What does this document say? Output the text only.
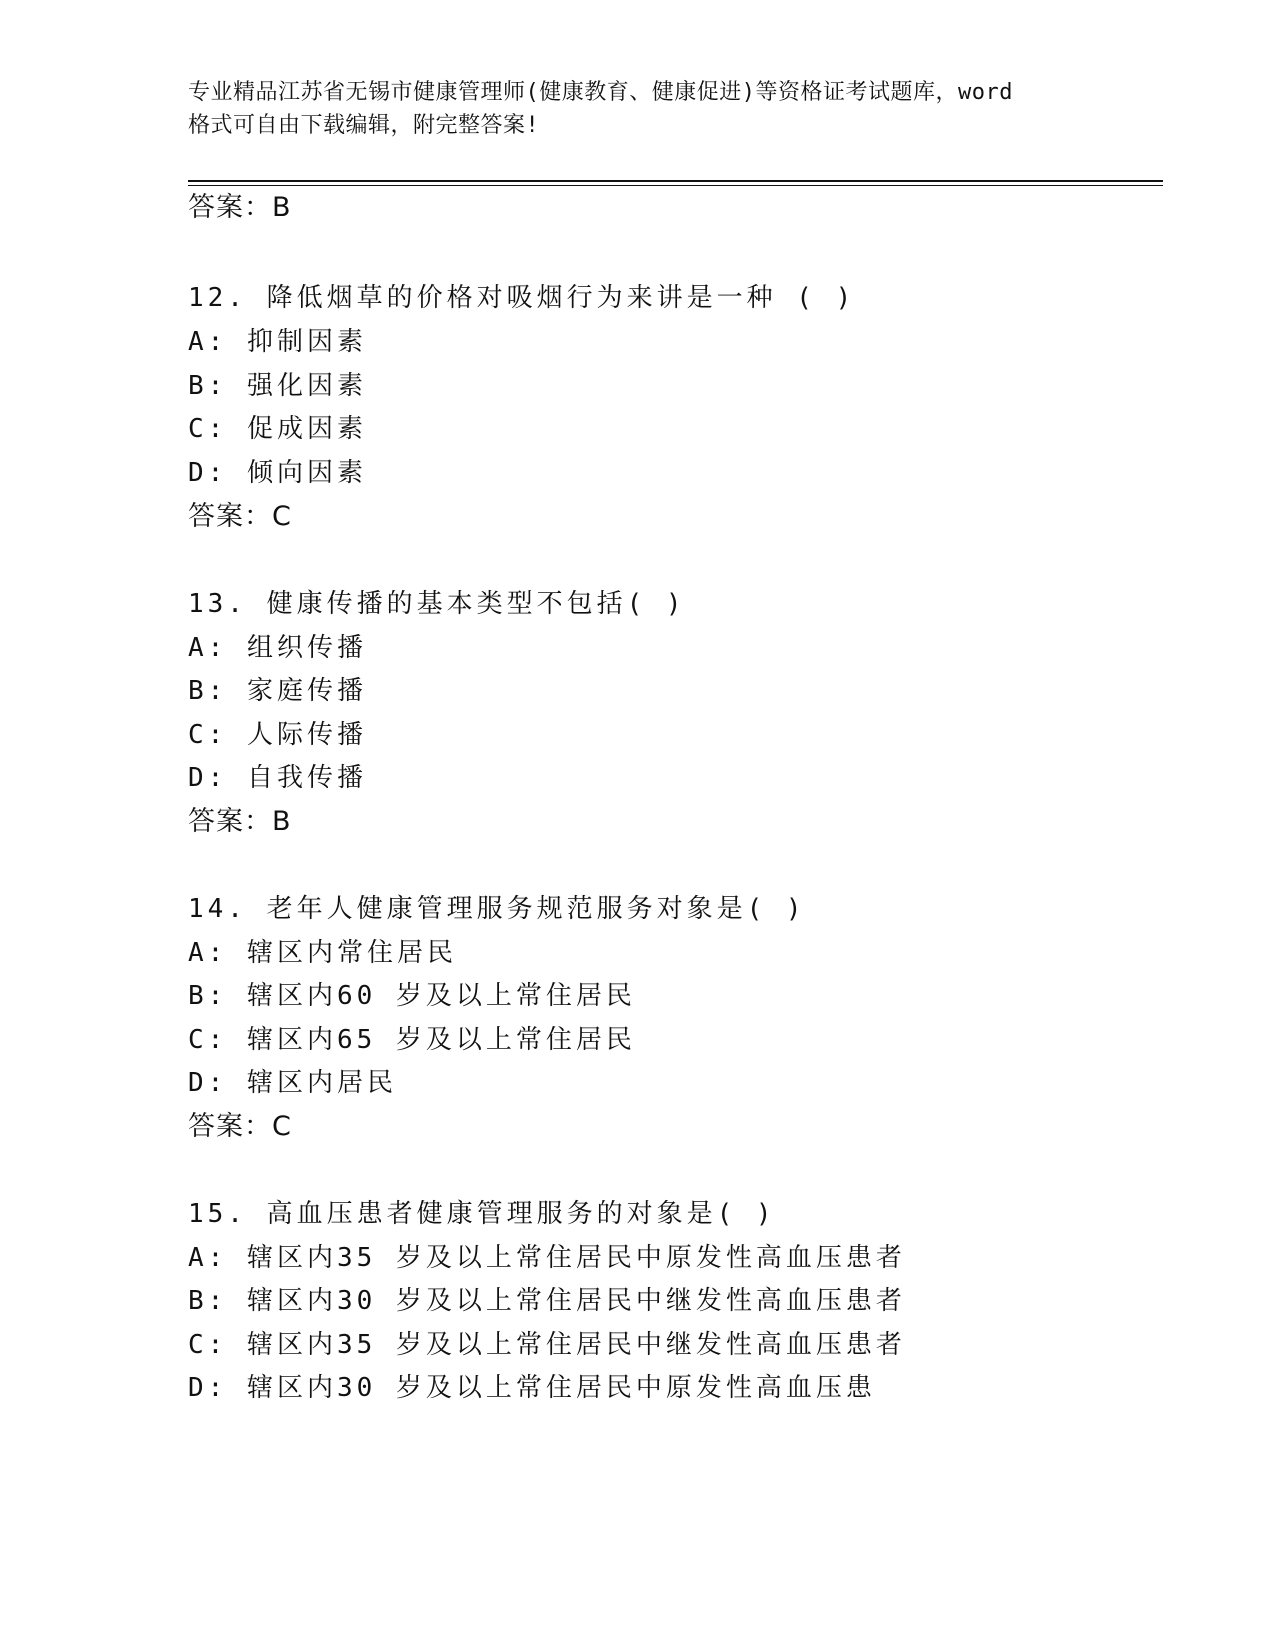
专业精品江苏省无锡市健康管理师(健康教育、健康促进)等资格证考试题库，word
格式可自由下载编辑，附完整答案!
答案：B
12. 降低烟草的价格对吸烟行为来讲是一种 ( )
A: 抑制因素
B: 强化因素
C: 促成因素
D: 倾向因素
答案：C
13. 健康传播的基本类型不包括( )
A: 组织传播
B: 家庭传播
C: 人际传播
D: 自我传播
答案：B
14. 老年人健康管理服务规范服务对象是( )
A: 辖区内常住居民
B: 辖区内60 岁及以上常住居民
C: 辖区内65 岁及以上常住居民
D: 辖区内居民
答案：C
15. 高血压患者健康管理服务的对象是( )
A: 辖区内35 岁及以上常住居民中原发性高血压患者
B: 辖区内30 岁及以上常住居民中继发性高血压患者
C: 辖区内35 岁及以上常住居民中继发性高血压患者
D: 辖区内30 岁及以上常住居民中原发性高血压患
